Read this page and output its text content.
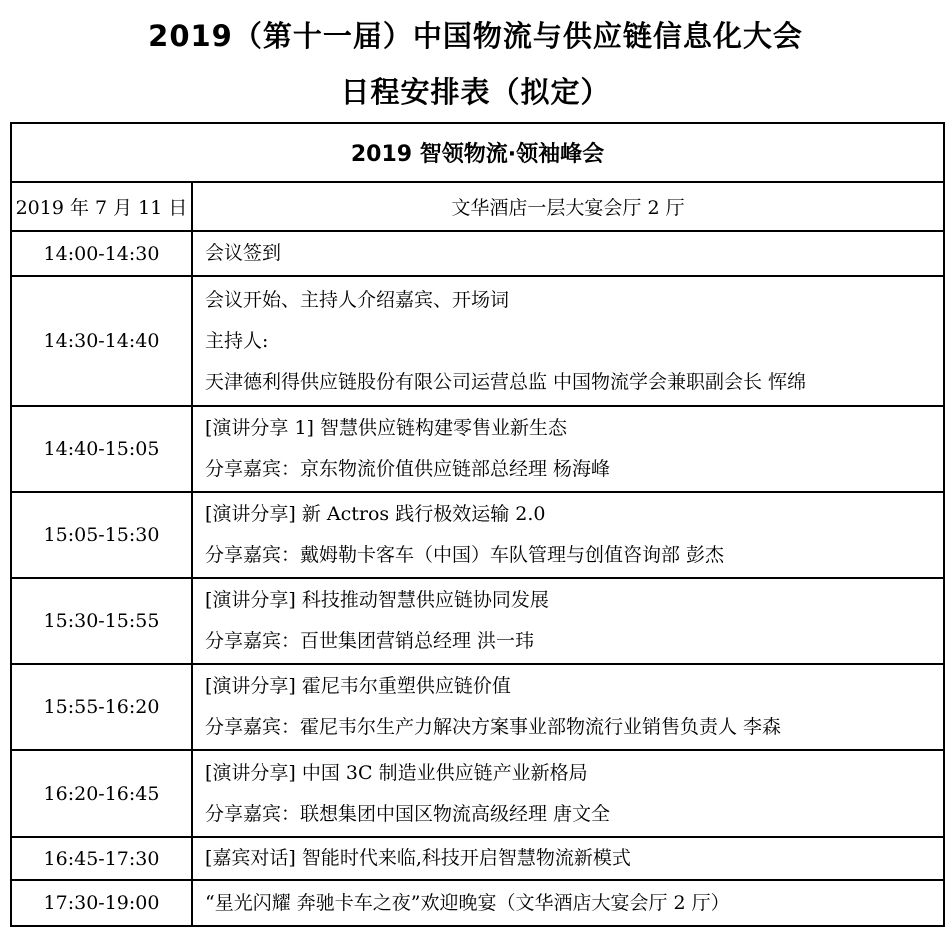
2019（第十一届）中国物流与供应链信息化大会
日程安排表（拟定）
2019 智领物流·领袖峰会	
2019 年 7 月 11 日	文华酒店一层大宴会厅 2 厅
14:00-14:30	会议签到

14:30-14:40	会议开始、主持人介绍嘉宾、开场词
主持人:
天津德利得供应链股份有限公司运营总监 中国物流学会兼职副会长 恽绵

14:40-15:05	[演讲分享 1] 智慧供应链构建零售业新生态
分享嘉宾：京东物流价值供应链部总经理 杨海峰

15:05-15:30	[演讲分享] 新 Actros 践行极效运输 2.0
分享嘉宾：戴姆勒卡客车（中国）车队管理与创值咨询部 彭杰

15:30-15:55	[演讲分享] 科技推动智慧供应链协同发展
分享嘉宾：百世集团营销总经理 洪一玮

15:55-16:20	[演讲分享] 霍尼韦尔重塑供应链价值
分享嘉宾：霍尼韦尔生产力解决方案事业部物流行业销售负责人 李森

16:20-16:45	[演讲分享] 中国 3C 制造业供应链产业新格局
分享嘉宾：联想集团中国区物流高级经理 唐文全

16:45-17:30	[嘉宾对话] 智能时代来临,科技开启智慧物流新模式

17:30-19:00	“星光闪耀 奔驰卡车之夜”欢迎晚宴（文华酒店大宴会厅 2 厅）
